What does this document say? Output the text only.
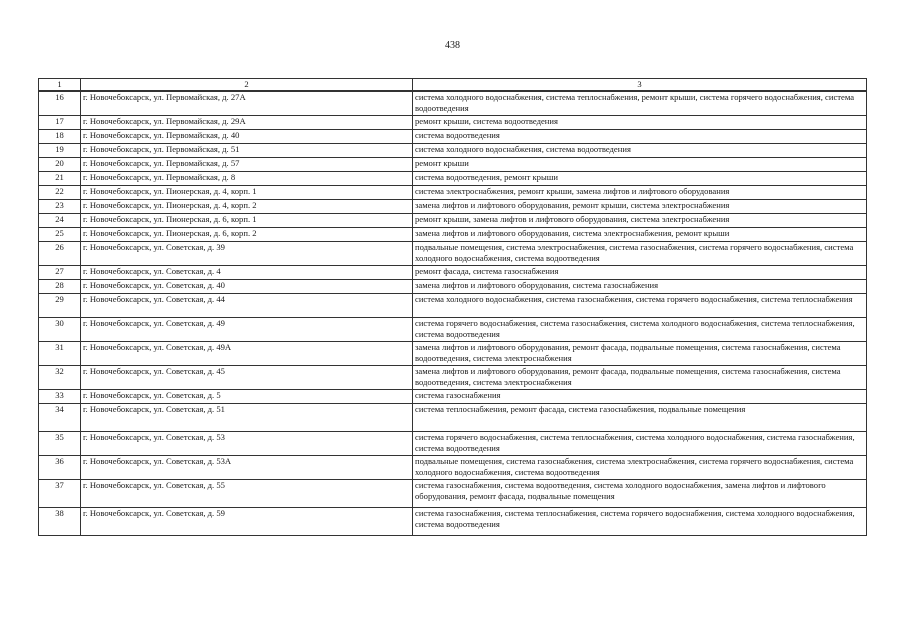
438
1	2	3
16	г. Новочебоксарск, ул. Первомайская, д. 27А	система холодного водоснабжения, система теплоснабжения, ремонт крыши, система горячего водоснабжения, система водоотведения
17	г. Новочебоксарск, ул. Первомайская, д. 29А	ремонт крыши, система водоотведения
18	г. Новочебоксарск, ул. Первомайская, д. 40	система водоотведения
19	г. Новочебоксарск, ул. Первомайская, д. 51	система холодного водоснабжения, система водоотведения
20	г. Новочебоксарск, ул. Первомайская, д. 57	ремонт крыши
21	г. Новочебоксарск, ул. Первомайская, д. 8	система водоотведения, ремонт крыши
22	г. Новочебоксарск, ул. Пионерская, д. 4, корп. 1	система электроснабжения, ремонт крыши, замена лифтов и лифтового оборудования
23	г. Новочебоксарск, ул. Пионерская, д. 4, корп. 2	замена лифтов и лифтового оборудования, ремонт крыши, система электроснабжения
24	г. Новочебоксарск, ул. Пионерская, д. 6, корп. 1	ремонт крыши, замена лифтов и лифтового оборудования, система электроснабжения
25	г. Новочебоксарск, ул. Пионерская, д. 6, корп. 2	замена лифтов и лифтового оборудования, система электроснабжения, ремонт крыши
26	г. Новочебоксарск, ул. Советская, д. 39	подвальные помещения, система электроснабжения, система газоснабжения, система горячего водоснабжения, система холодного водоснабжения, система водоотведения
27	г. Новочебоксарск, ул. Советская, д. 4	ремонт фасада, система газоснабжения
28	г. Новочебоксарск, ул. Советская, д. 40	замена лифтов и лифтового оборудования, система газоснабжения
29	г. Новочебоксарск, ул. Советская, д. 44	система холодного водоснабжения, система газоснабжения, система горячего водоснабжения, система теплоснабжения
30	г. Новочебоксарск, ул. Советская, д. 49	система горячего водоснабжения, система газоснабжения, система холодного водоснабжения, система теплоснабжения, система водоотведения
31	г. Новочебоксарск, ул. Советская, д. 49А	замена лифтов и лифтового оборудования, ремонт фасада, подвальные помещения, система газоснабжения, система водоотведения, система электроснабжения
32	г. Новочебоксарск, ул. Советская, д. 45	замена лифтов и лифтового оборудования, ремонт фасада, подвальные помещения, система газоснабжения, система водоотведения, система электроснабжения
33	г. Новочебоксарск, ул. Советская, д. 5	система газоснабжения
34	г. Новочебоксарск, ул. Советская, д. 51	система теплоснабжения, ремонт фасада, система газоснабжения, подвальные помещения
35	г. Новочебоксарск, ул. Советская, д. 53	система горячего водоснабжения, система теплоснабжения, система холодного водоснабжения, система газоснабжения, система водоотведения
36	г. Новочебоксарск, ул. Советская, д. 53А	подвальные помещения, система газоснабжения, система электроснабжения, система горячего водоснабжения, система холодного водоснабжения, система водоотведения
37	г. Новочебоксарск, ул. Советская, д. 55	система газоснабжения, система водоотведения, система холодного водоснабжения, замена лифтов и лифтового оборудования, ремонт фасада, подвальные помещения
38	г. Новочебоксарск, ул. Советская, д. 59	система газоснабжения, система теплоснабжения, система горячего водоснабжения, система холодного водоснабжения, система водоотведения
